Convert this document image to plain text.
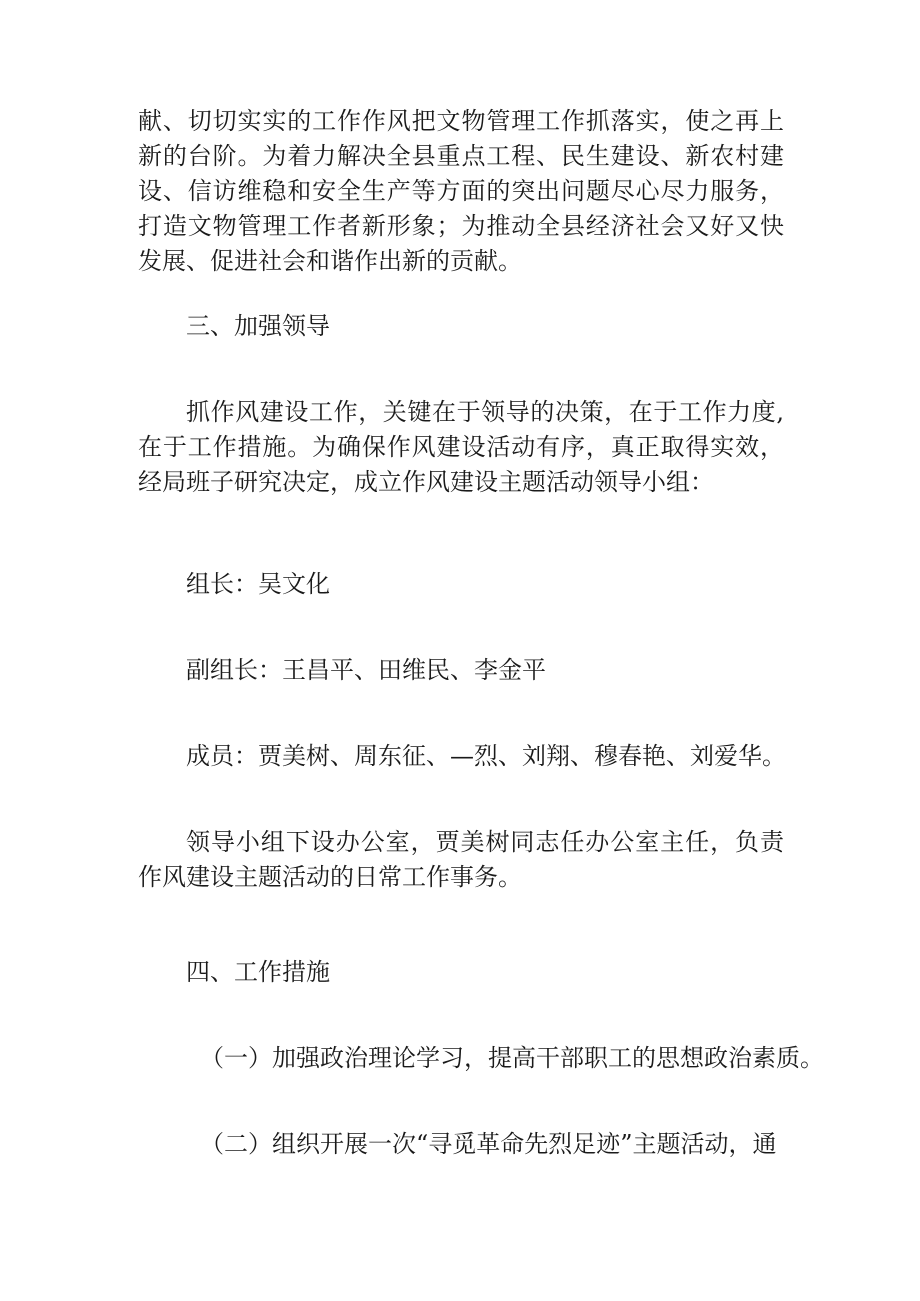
献、切切实实的工作作风把文物管理工作抓落实，使之再上新的台阶。为着力解决全县重点工程、民生建设、新农村建设、信访维稳和安全生产等方面的突出问题尽心尽力服务，打造文物管理工作者新形象；为推动全县经济社会又好又快发展、促进社会和谐作出新的贡献。

三、加强领导

抓作风建设工作，关键在于领导的决策，在于工作力度,在于工作措施。为确保作风建设活动有序，真正取得实效，经局班子研究决定，成立作风建设主题活动领导小组：

组长：吴文化

副组长：王昌平、田维民、李金平

成员：贾美树、周东征、—烈、刘翔、穆春艳、刘爱华。

领导小组下设办公室，贾美树同志任办公室主任，负责作风建设主题活动的日常工作事务。

四、工作措施

（一）加强政治理论学习，提高干部职工的思想政治素质。

（二）组织开展一次“寻觅革命先烈足迹”主题活动，通
